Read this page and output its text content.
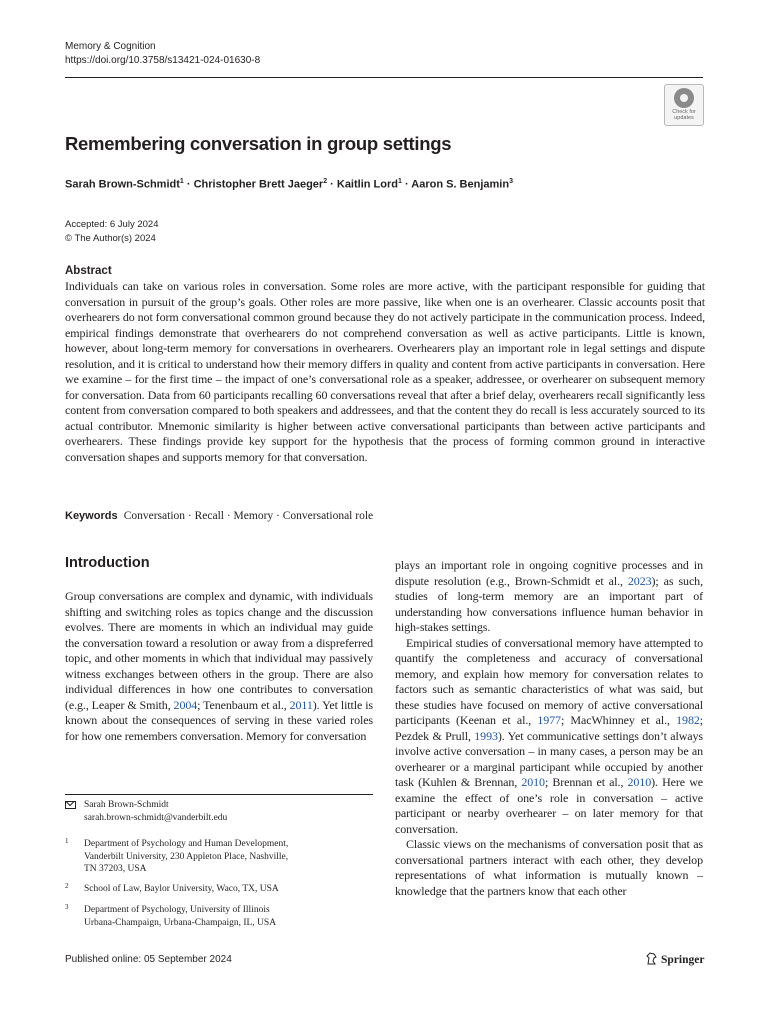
Memory & Cognition
https://doi.org/10.3758/s13421-024-01630-8
Check for
updates
Remembering conversation in group settings
Sarah Brown-Schmidt$^1$ · Christopher Brett Jaeger$^2$ · Kaitlin Lord$^1$ · Aaron S. Benjamin$^3$
Accepted: 6 July 2024
© The Author(s) 2024
Abstract
Individuals can take on various roles in conversation. Some roles are more active, with the participant responsible for guiding that conversation in pursuit of the group’s goals. Other roles are more passive, like when one is an overhearer. Classic accounts posit that overhearers do not form conversational common ground because they do not actively participate in the communication process. Indeed, empirical findings demonstrate that overhearers do not comprehend conversation as well as active participants. Little is known, however, about long-term memory for conversations in overhearers. Overhearers play an important role in legal settings and dispute resolution, and it is critical to understand how their memory differs in quality and content from active participants in conversation. Here we examine – for the first time – the impact of one’s conversational role as a speaker, addressee, or overhearer on subsequent memory for conversation. Data from 60 participants recalling 60 conversations reveal that after a brief delay, overhearers recall significantly less content from conversation compared to both speakers and addressees, and that the content they do recall is less accurately sourced to its actual contributor. Mnemonic similarity is higher between active conversational participants than between active participants and overhearers. These findings provide key support for the hypothesis that the process of forming common ground in interactive conversation shapes and supports memory for that conversation.
Keywords Conversation · Recall · Memory · Conversational role
Introduction

Group conversations are complex and dynamic, with individuals shifting and switching roles as topics change and the discussion evolves. There are moments in which an individual may guide the conversation toward a resolution or away from a dispreferred topic, and other moments in which that individual may passively witness exchanges between others in the group. There are also individual differences in how one contributes to conversation (e.g., Leaper & Smith, 2004; Tenenbaum et al., 2011). Yet little is known about the consequences of serving in these varied roles for how one remembers conversation. Memory for conversation

plays an important role in ongoing cognitive processes and in dispute resolution (e.g., Brown-Schmidt et al., 2023); as such, studies of long-term memory are an important part of understanding how conversations influence human behavior in high-stakes settings.

Empirical studies of conversational memory have attempted to quantify the completeness and accuracy of conversational memory, and explain how memory for conversation relates to factors such as semantic characteristics of what was said, but these studies have focused on memory of active conversational participants (Keenan et al., 1977; MacWhinney et al., 1982; Pezdek & Prull, 1993). Yet communicative settings don’t always involve active conversation – in many cases, a person may be an overhearer or a marginal participant while occupied by another task (Kuhlen & Brennan, 2010; Brennan et al., 2010). Here we examine the effect of one’s role in conversation – active participant or nearby overhearer – on later memory for that conversation.

Classic views on the mechanisms of conversation posit that as conversational partners interact with each other, they develop representations of what information is mutually known – knowledge that the partners know that each other

Sarah Brown-Schmidt
sarah.brown-schmidt@vanderbilt.edu
1 Department of Psychology and Human Development,
Vanderbilt University, 230 Appleton Place, Nashville,
TN 37203, USA
2 School of Law, Baylor University, Waco, TX, USA
3 Department of Psychology, University of Illinois
Urbana-Champaign, Urbana-Champaign, IL, USA
Published online: 05 September 2024	Springer
